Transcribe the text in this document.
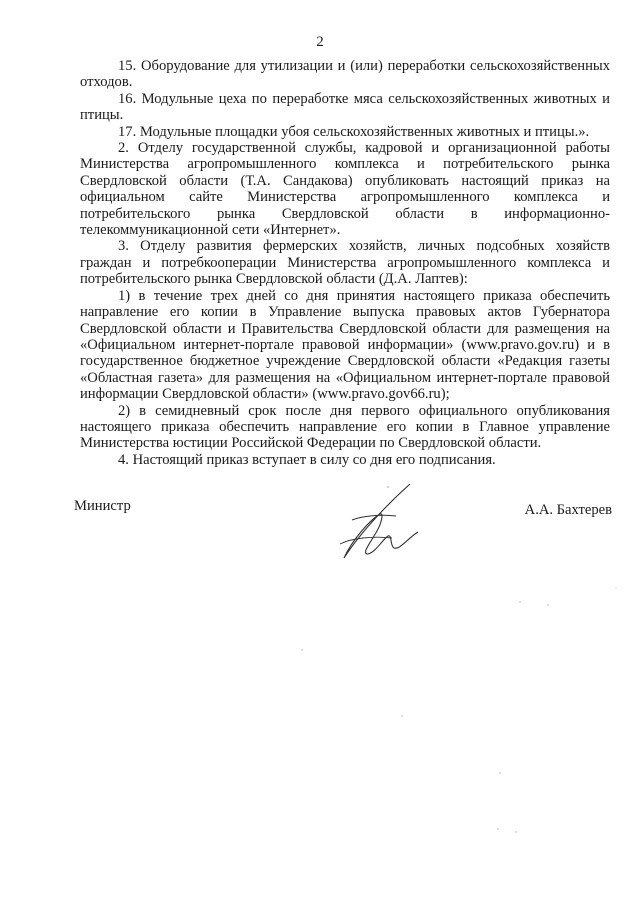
2

15. Оборудование для утилизации и (или) переработки сельскохозяйственных отходов.

16. Модульные цеха по переработке мяса сельскохозяйственных животных и птицы.

17. Модульные площадки убоя сельскохозяйственных животных и птицы.».

2. Отделу государственной службы, кадровой и организационной работы Министерства агропромышленного комплекса и потребительского рынка Свердловской области (Т.А. Сандакова) опубликовать настоящий приказ на официальном сайте Министерства агропромышленного комплекса и потребительского рынка Свердловской области в информационно-телекоммуникационной сети «Интернет».

3. Отделу развития фермерских хозяйств, личных подсобных хозяйств граждан и потребкооперации Министерства агропромышленного комплекса и потребительского рынка Свердловской области (Д.А. Лаптев):

1) в течение трех дней со дня принятия настоящего приказа обеспечить направление его копии в Управление выпуска правовых актов Губернатора Свердловской области и Правительства Свердловской области для размещения на «Официальном интернет-портале правовой информации» (www.pravo.gov.ru) и в государственное бюджетное учреждение Свердловской области «Редакция газеты «Областная газета» для размещения на «Официальном интернет-портале правовой информации Свердловской области» (www.pravo.gov66.ru);

2) в семидневный срок после дня первого официального опубликования настоящего приказа обеспечить направление его копии в Главное управление Министерства юстиции Российской Федерации по Свердловской области.

4. Настоящий приказ вступает в силу со дня его подписания.

Министр	А.А. Бахтерев
